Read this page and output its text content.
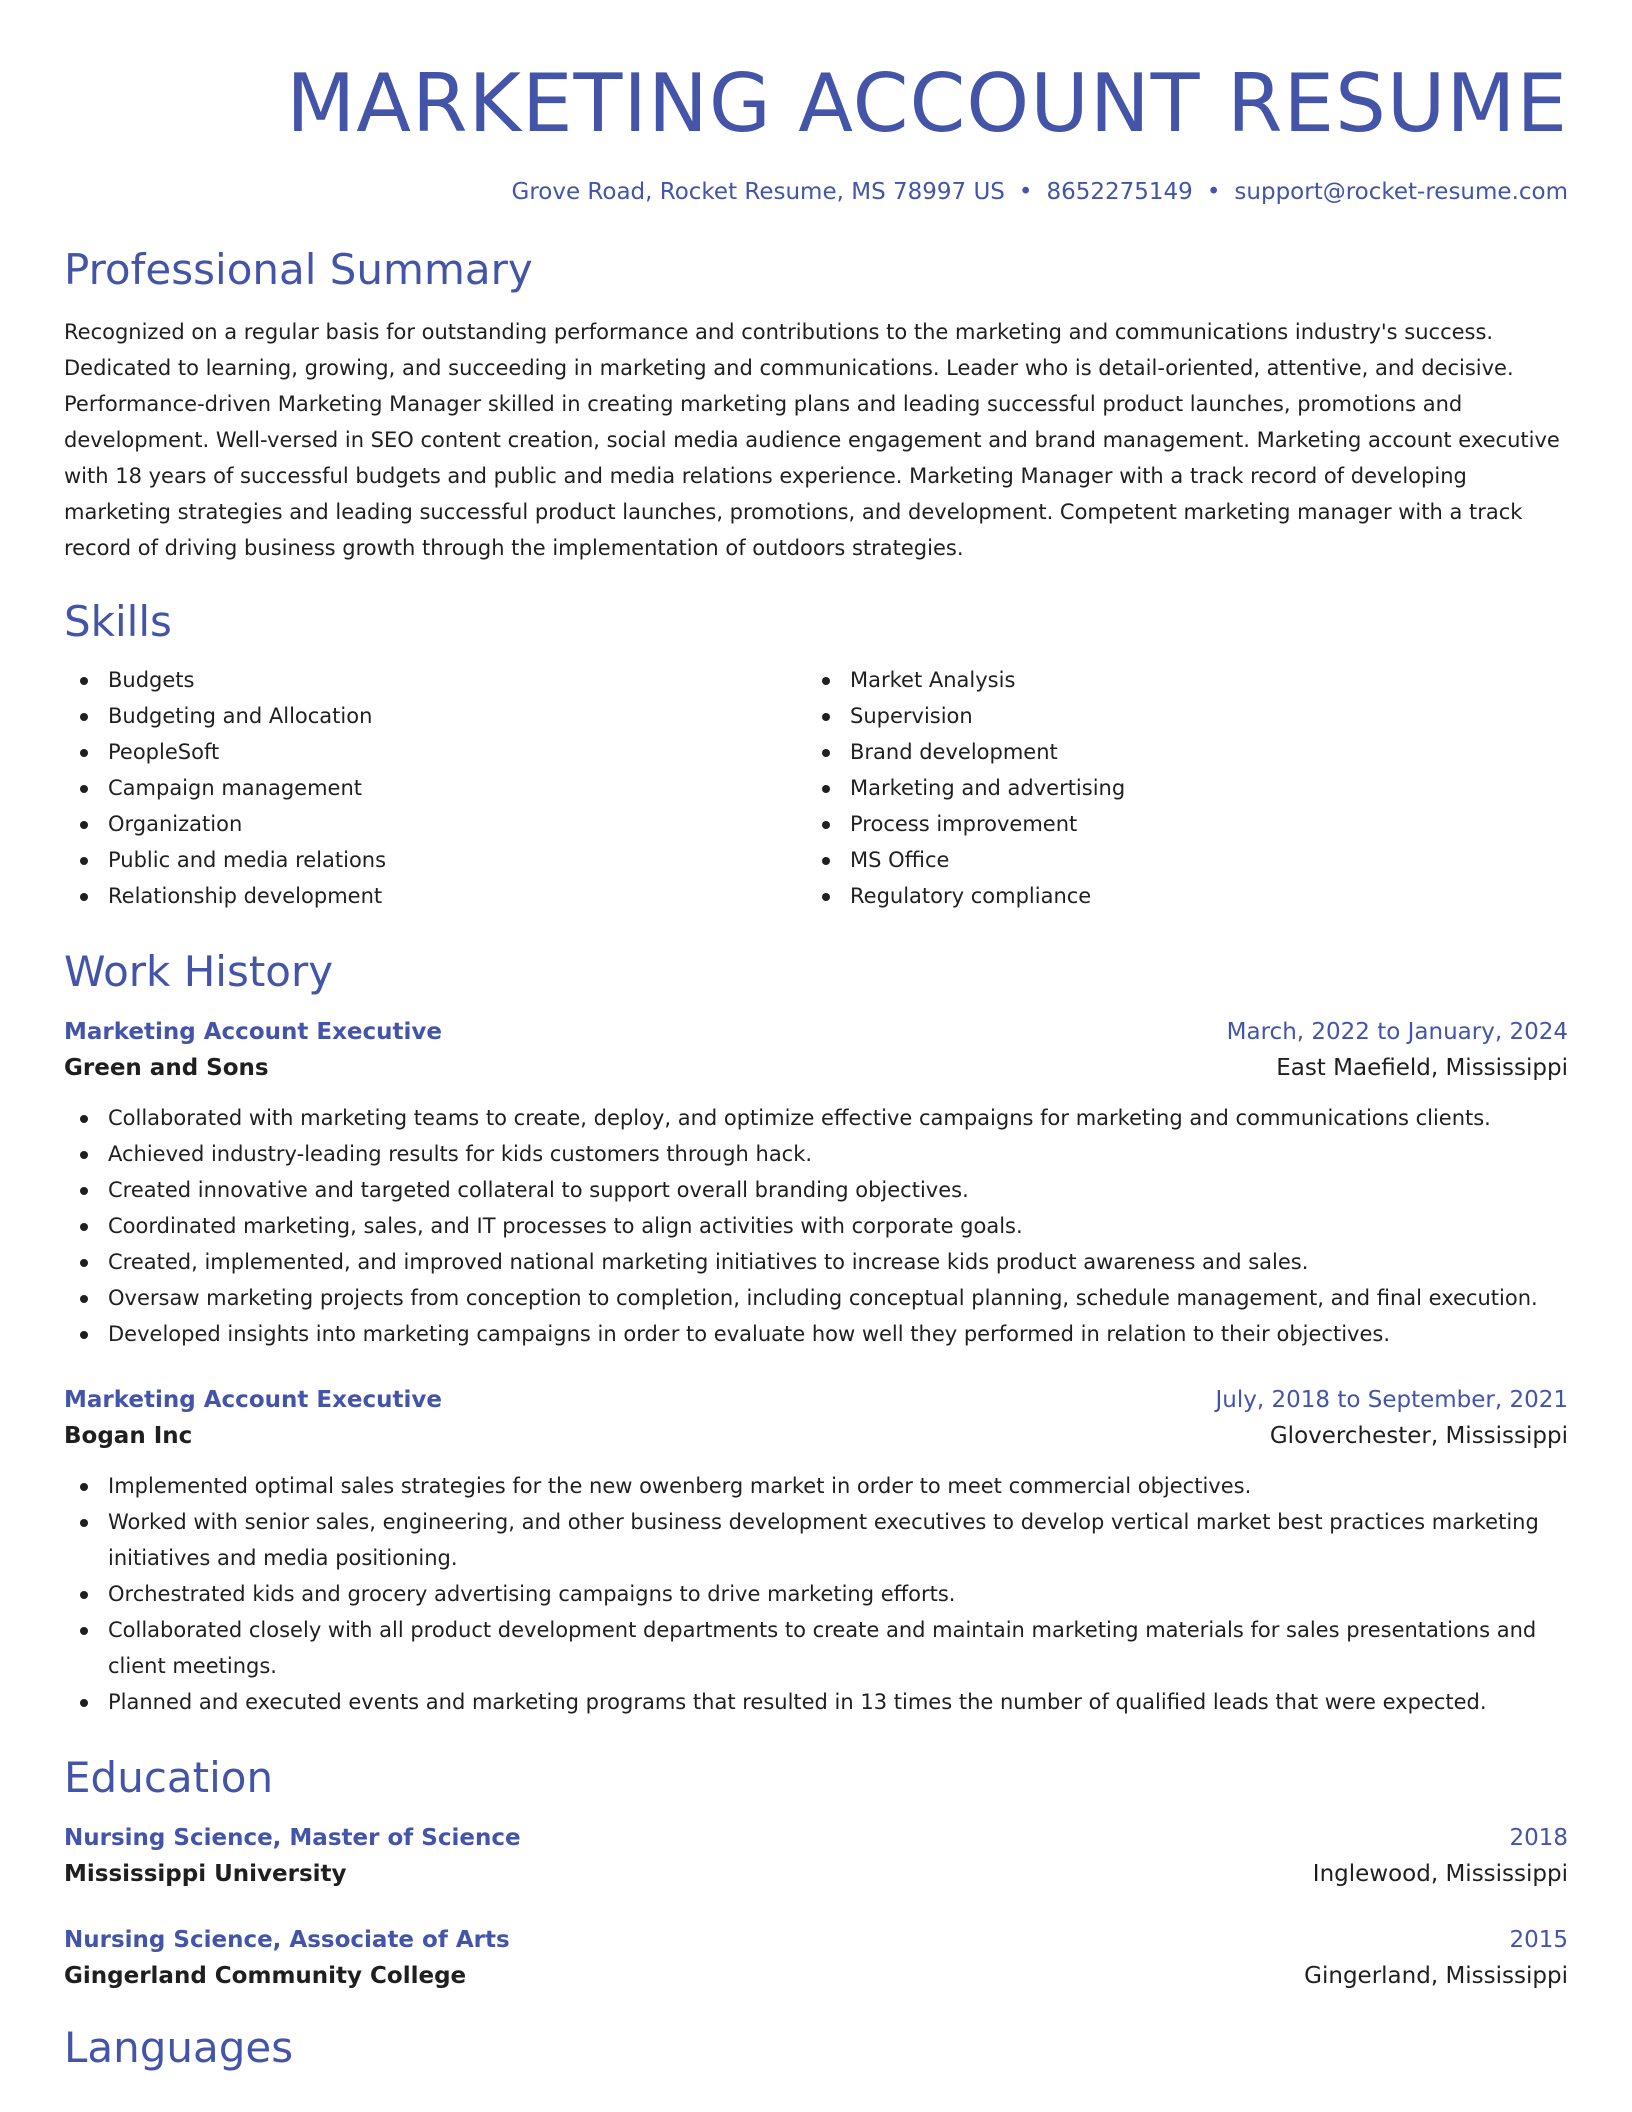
MARKETING ACCOUNT RESUME
Grove Road, Rocket Resume, MS 78997 US • 8652275149 • support@rocket-resume.com
Professional Summary

Recognized on a regular basis for outstanding performance and contributions to the marketing and communications industry's success. Dedicated to learning, growing, and succeeding in marketing and communications. Leader who is detail-oriented, attentive, and decisive. Performance-driven Marketing Manager skilled in creating marketing plans and leading successful product launches, promotions and development. Well-versed in SEO content creation, social media audience engagement and brand management. Marketing account executive with 18 years of successful budgets and public and media relations experience. Marketing Manager with a track record of developing marketing strategies and leading successful product launches, promotions, and development. Competent marketing manager with a track record of driving business growth through the implementation of outdoors strategies.

Skills
Budgets
Budgeting and Allocation
PeopleSoft
Campaign management
Organization
Public and media relations
Relationship development
Market Analysis
Supervision
Brand development
Marketing and advertising
Process improvement
MS Office
Regulatory compliance
Work History
Marketing Account Executive	March, 2022 to January, 2024
Green and Sons	East Maefield, Mississippi
Collaborated with marketing teams to create, deploy, and optimize effective campaigns for marketing and communications clients.
Achieved industry-leading results for kids customers through hack.
Created innovative and targeted collateral to support overall branding objectives.
Coordinated marketing, sales, and IT processes to align activities with corporate goals.
Created, implemented, and improved national marketing initiatives to increase kids product awareness and sales.
Oversaw marketing projects from conception to completion, including conceptual planning, schedule management, and final execution.
Developed insights into marketing campaigns in order to evaluate how well they performed in relation to their objectives.
Marketing Account Executive	July, 2018 to September, 2021
Bogan Inc	Gloverchester, Mississippi
Implemented optimal sales strategies for the new owenberg market in order to meet commercial objectives.
Worked with senior sales, engineering, and other business development executives to develop vertical market best practices marketing initiatives and media positioning.
Orchestrated kids and grocery advertising campaigns to drive marketing efforts.
Collaborated closely with all product development departments to create and maintain marketing materials for sales presentations and client meetings.
Planned and executed events and marketing programs that resulted in 13 times the number of qualified leads that were expected.
Education
Nursing Science, Master of Science	2018
Mississippi University	Inglewood, Mississippi
Nursing Science, Associate of Arts	2015
Gingerland Community College	Gingerland, Mississippi
Languages
